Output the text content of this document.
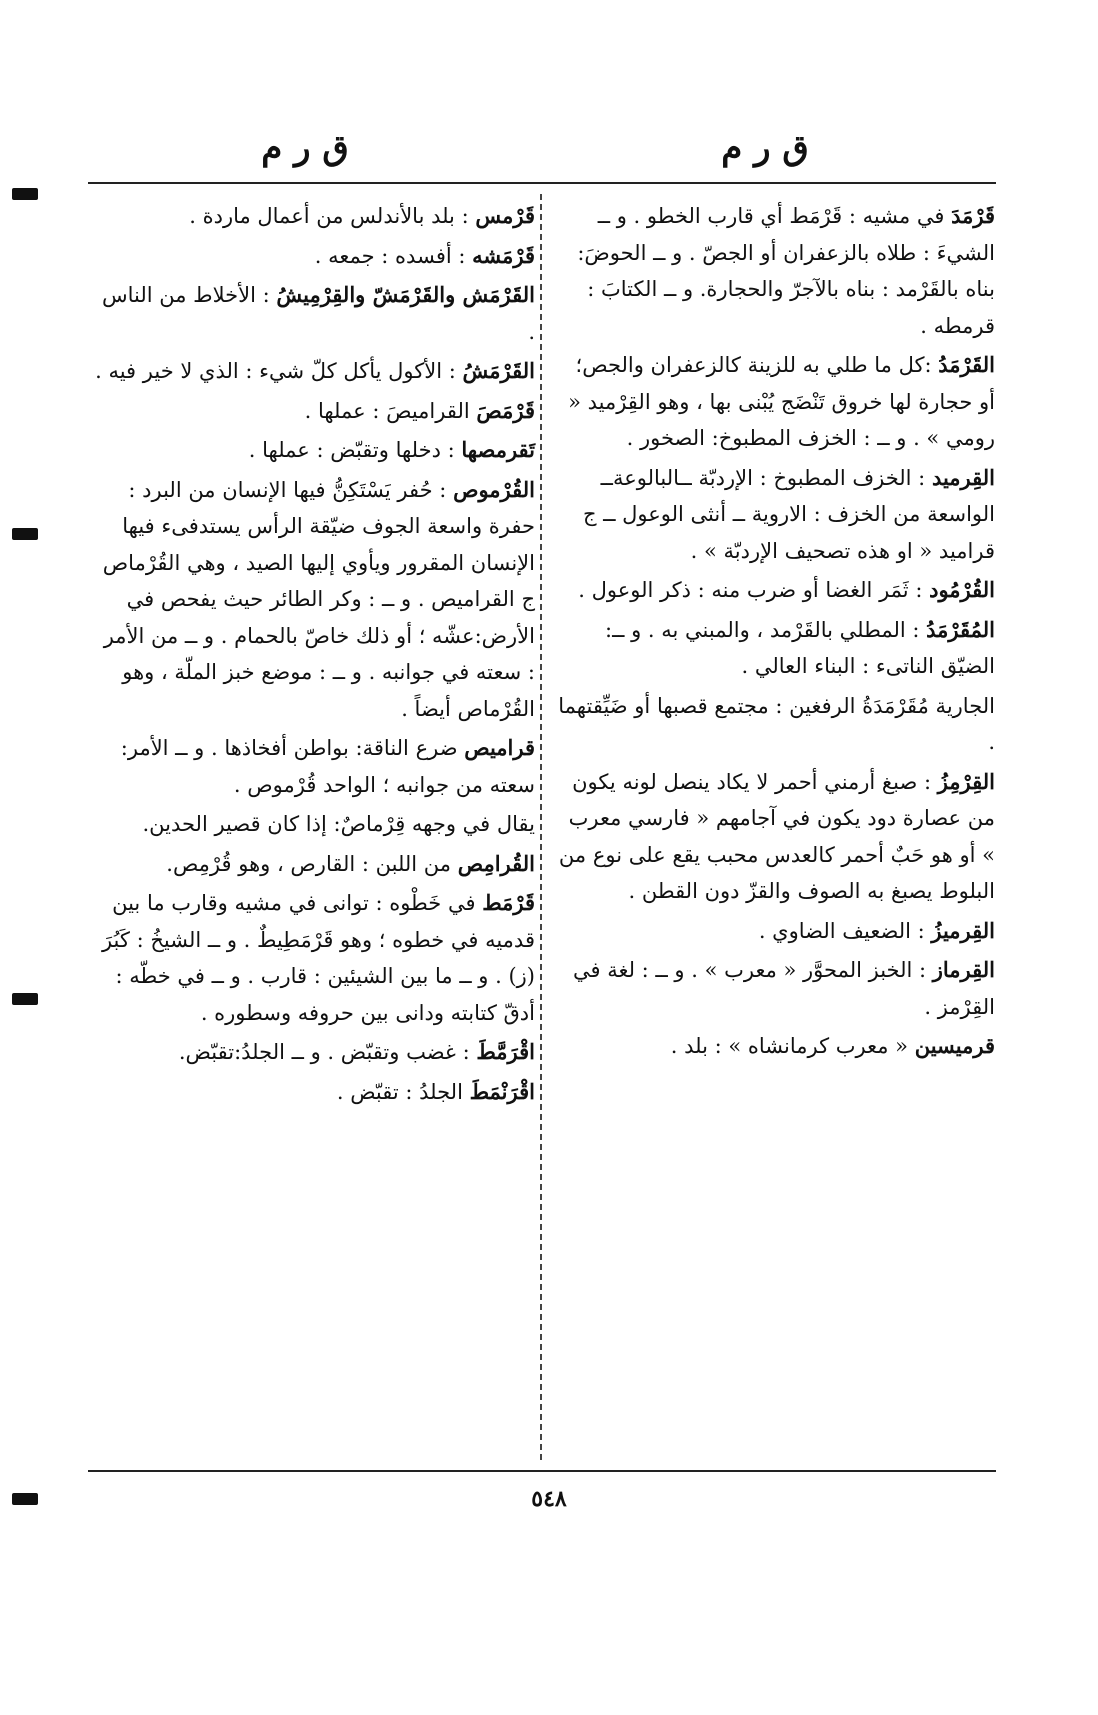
ق ر م
ق ر م
قَرْمَدَ في مشيه : قَرْمَط أي قارب الخطو . و ــ الشيءَ : طلاه بالزعفران أو الجصّ . و ــ الحوضَ: بناه بالقَرْمد : بناه بالآجرّ والحجارة. و ــ الكتابَ : قرمطه .
القَرْمَدُ :كل ما طلي به للزينة كالزعفران والجص؛ أو حجارة لها خروق تَنْضَج يُبْنى بها ، وهو القِرْميد « رومي » . و ــ : الخزف المطبوخ: الصخور .
القِرميد : الخزف المطبوخ : الإردبّة ــالبالوعةــ الواسعة من الخزف : الاروية ــ أنثى الوعول ــ ج قراميد « او هذه تصحيف الإردبّة » .
القُرْمُود : ثَمَر الغضا أو ضرب منه : ذكر الوعول .
المُقَرْمَدُ : المطلي بالقَرْمد ، والمبني به . و ــ: الضيّق الناتىء : البناء العالي .
الجارية مُقَرْمَدَةُ الرفغين : مجتمع قصبها أو ضَيِّقتهما .
القِرْمِزُ : صبغ أرمني أحمر لا يكاد ينصل لونه يكون من عصارة دود يكون في آجامهم « فارسي معرب » أو هو حَبٌ أحمر كالعدس محبب يقع على نوع من البلوط يصبغ به الصوف والقزّ دون القطن .
القِرميزُ : الضعيف الضاوي .
القِرماز : الخبز المحوَّر « معرب » . و ــ : لغة في القِرْمز .
قرميسين « معرب كرمانشاه » : بلد .
قَرْمس : بلد بالأندلس من أعمال ماردة .
قَرْمَشه : أفسده : جمعه .
القَرْمَش والقَرْمَشّ والقِرْمِيشُ : الأخلاط من الناس .
القَرْمَشُ : الأكول يأكل كلّ شيء : الذي لا خير فيه .
قَرْمَصَ القراميصَ : عملها .
تَقرمصها : دخلها وتقبّض : عملها .
القُرْموص : حُفر يَسْتَكِنُّ فيها الإنسان من البرد : حفرة واسعة الجوف ضيّقة الرأس يستدفىء فيها الإنسان المقرور ويأوي إليها الصيد ، وهي القُرْماص ج القراميص . و ــ : وكر الطائر حيث يفحص في الأرض:عشّه ؛ أو ذلك خاصّ بالحمام . و ــ من الأمر : سعته في جوانبه . و ــ : موضع خبز الملّة ، وهو القُرْماص أيضاً .
قراميص ضرع الناقة: بواطن أفخاذها . و ــ الأمر: سعته من جوانبه ؛ الواحد قُرْموص .
يقال في وجهه قِرْماصٌ: إذا كان قصير الحدين.
القُرامِص من اللبن : القارص ، وهو قُرْمِص.
قَرْمَط في خَطْوه : توانى في مشيه وقارب ما بين قدميه في خطوه ؛ وهو قَرْمَطِيطٌ . و ــ الشيخُ : كَبُرَ (ز) . و ــ ما بين الشيئين : قارب . و ــ في خطّه : أدقّ كتابته ودانى بين حروفه وسطوره .
اقْرَمَّطَ : غضب وتقبّض . و ــ الجلدُ:تقبّض.
اقْرَنْمَطَ الجلدُ : تقبّض .
٥٤٨
